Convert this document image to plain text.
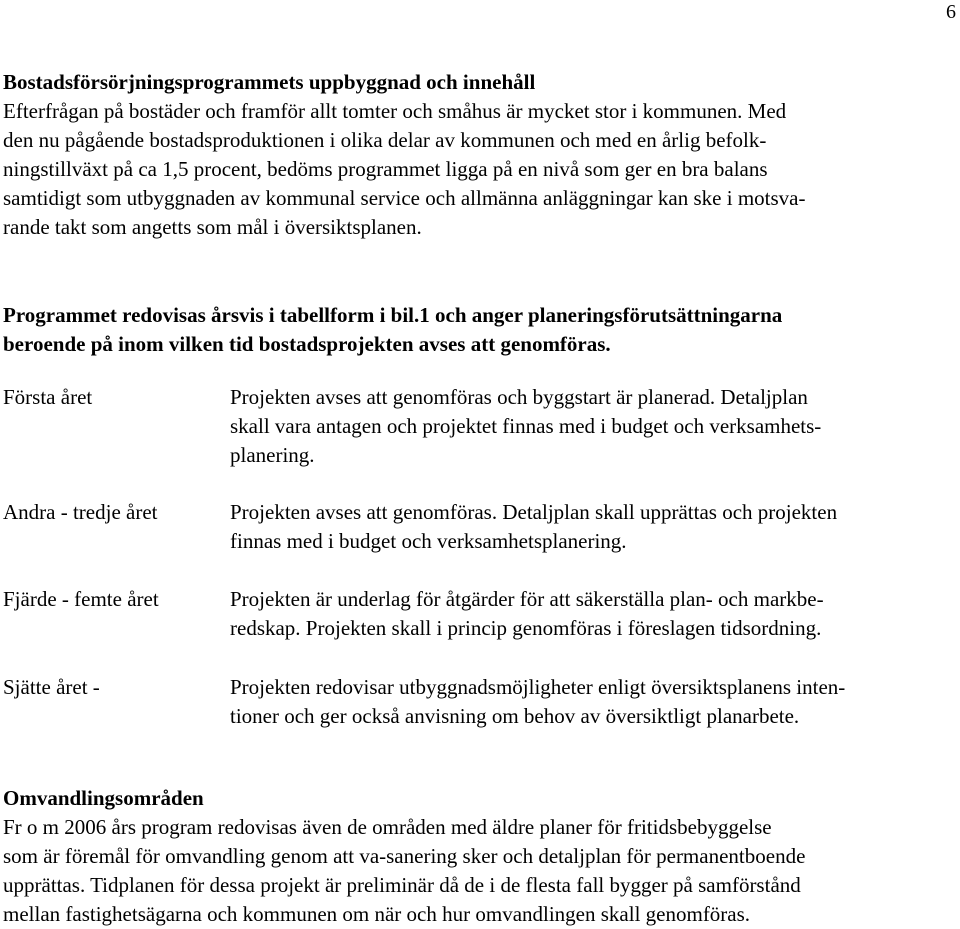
6
Bostadsförsörjningsprogrammets uppbyggnad och innehåll
Efterfrågan på bostäder och framför allt tomter och småhus är mycket stor i kommunen. Med
den nu pågående bostadsproduktionen i olika delar av kommunen och med en årlig befolk-
ningstillväxt på ca 1,5 procent, bedöms programmet ligga på en nivå som ger en bra balans
samtidigt som utbyggnaden av kommunal service och allmänna anläggningar kan ske i motsva-
rande takt som angetts som mål i översiktsplanen.
Programmet redovisas årsvis i tabellform i bil.1 och anger planeringsförutsättningarna
beroende på inom vilken tid bostadsprojekten avses att genomföras.
Första året	Projekten avses att genomföras och byggstart är planerad. Detaljplan
skall vara antagen och projektet finnas med i budget och verksamhets-
planering.
Andra - tredje året	Projekten avses att genomföras. Detaljplan skall upprättas och projekten
finnas med i budget och verksamhetsplanering.
Fjärde - femte året	Projekten är underlag för åtgärder för att säkerställa plan- och markbe-
redskap. Projekten skall i princip genomföras i föreslagen tidsordning.
Sjätte året -	Projekten redovisar utbyggnadsmöjligheter enligt översiktsplanens inten-
tioner och ger också anvisning om behov av översiktligt planarbete.
Omvandlingsområden
Fr o m 2006 års program redovisas även de områden med äldre planer för fritidsbebyggelse
som är föremål för omvandling genom att va-sanering sker och detaljplan för permanentboende
upprättas. Tidplanen för dessa projekt är preliminär då de i de flesta fall bygger på samförstånd
mellan fastighetsägarna och kommunen om när och hur omvandlingen skall genomföras.
